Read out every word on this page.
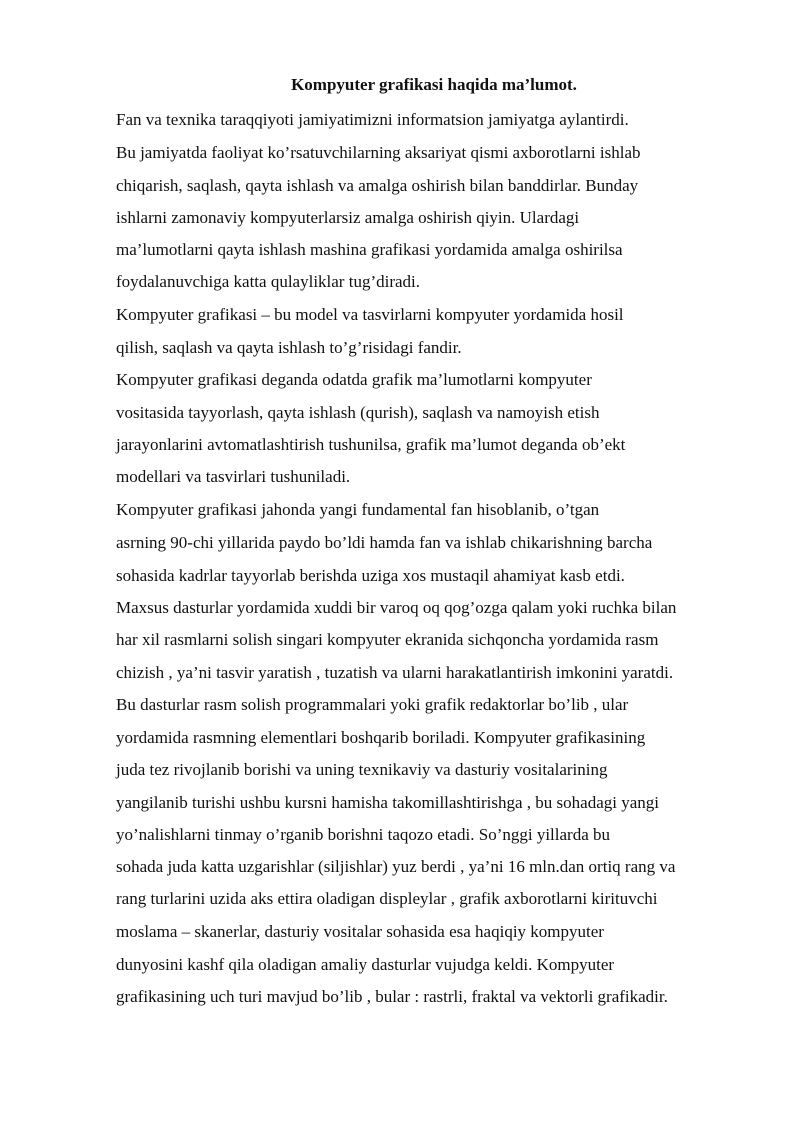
Kompyuter grafikasi haqida ma’lumot.
Fan va texnika taraqqiyoti jamiyatimizni informatsion jamiyatga aylantirdi.
Bu jamiyatda faoliyat ko’rsatuvchilarning aksariyat qismi axborotlarni ishlab
chiqarish, saqlash, qayta ishlash va amalga oshirish bilan banddirlar. Bunday
ishlarni zamonaviy kompyuterlarsiz amalga oshirish qiyin. Ulardagi
ma’lumotlarni qayta ishlash mashina grafikasi yordamida amalga oshirilsa
foydalanuvchiga katta qulayliklar tug’diradi.
Kompyuter grafikasi – bu model va tasvirlarni kompyuter yordamida hosil
qilish, saqlash va qayta ishlash to’g’risidagi fandir.
Kompyuter grafikasi deganda odatda grafik ma’lumotlarni kompyuter
vositasida tayyorlash, qayta ishlash (qurish), saqlash va namoyish etish
jarayonlarini avtomatlashtirish tushunilsa, grafik ma’lumot deganda ob’ekt
modellari va tasvirlari tushuniladi.
Kompyuter grafikasi jahonda yangi fundamental fan hisoblanib, o’tgan
asrning 90-chi yillarida paydo bo’ldi hamda fan va ishlab chikarishning barcha
sohasida kadrlar tayyorlab berishda uziga xos mustaqil ahamiyat kasb etdi.
Maxsus dasturlar yordamida xuddi bir varoq oq qog’ozga qalam yoki ruchka bilan
har xil rasmlarni solish singari kompyuter ekranida sichqoncha yordamida rasm
chizish , ya’ni tasvir yaratish , tuzatish va ularni harakatlantirish imkonini yaratdi.
Bu dasturlar rasm solish programmalari yoki grafik redaktorlar bo’lib , ular
yordamida rasmning elementlari boshqarib boriladi. Kompyuter grafikasining
juda tez rivojlanib borishi va uning texnikaviy va dasturiy vositalarining
yangilanib turishi ushbu kursni hamisha takomillashtirishga , bu sohadagi yangi
yo’nalishlarni tinmay o’rganib borishni taqozo etadi. So’nggi yillarda bu
sohada juda katta uzgarishlar (siljishlar) yuz berdi , ya’ni 16 mln.dan ortiq rang va
rang turlarini uzida aks ettira oladigan displeylar , grafik axborotlarni kirituvchi
moslama – skanerlar, dasturiy vositalar sohasida esa haqiqiy kompyuter
dunyosini kashf qila oladigan amaliy dasturlar vujudga keldi. Kompyuter
grafikasining uch turi mavjud bo’lib , bular : rastrli, fraktal va vektorli grafikadir.
